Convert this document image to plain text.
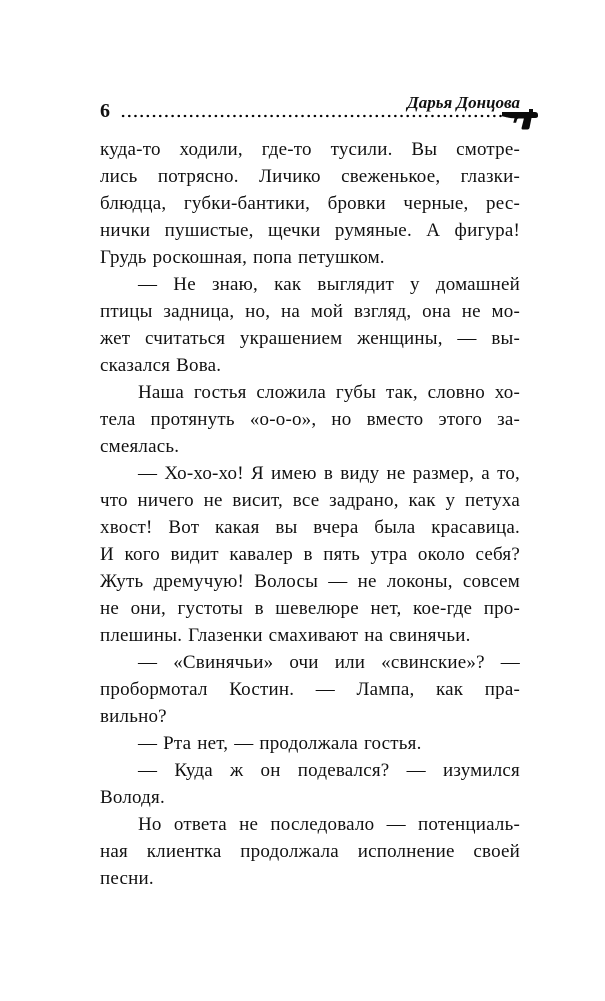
6	Дарья Донцова
куда-то ходили, где-то тусили. Вы смотре-
лись потрясно. Личико свеженькое, глазки-
блюдца, губки-бантики, бровки черные, рес-
нички пушистые, щечки румяные. А фигура!
Грудь роскошная, попа петушком.
— Не знаю, как выглядит у домашней
птицы задница, но, на мой взгляд, она не мо-
жет считаться украшением женщины, — вы-
сказался Вова.
Наша гостья сложила губы так, словно хо-
тела протянуть «о-о-о», но вместо этого за-
смеялась.
— Хо-хо-хо! Я имею в виду не размер, а то,
что ничего не висит, все задрано, как у петуха
хвост! Вот какая вы вчера была красавица.
И кого видит кавалер в пять утра около себя?
Жуть дремучую! Волосы — не локоны, совсем
не они, густоты в шевелюре нет, кое-где про-
плешины. Глазенки смахивают на свинячьи.
— «Свинячьи» очи или «свинские»? —
пробормотал Костин. — Лампа, как пра-
вильно?
— Рта нет, — продолжала гостья.
— Куда ж он подевался? — изумился
Володя.
Но ответа не последовало — потенциаль-
ная клиентка продолжала исполнение своей
песни.
